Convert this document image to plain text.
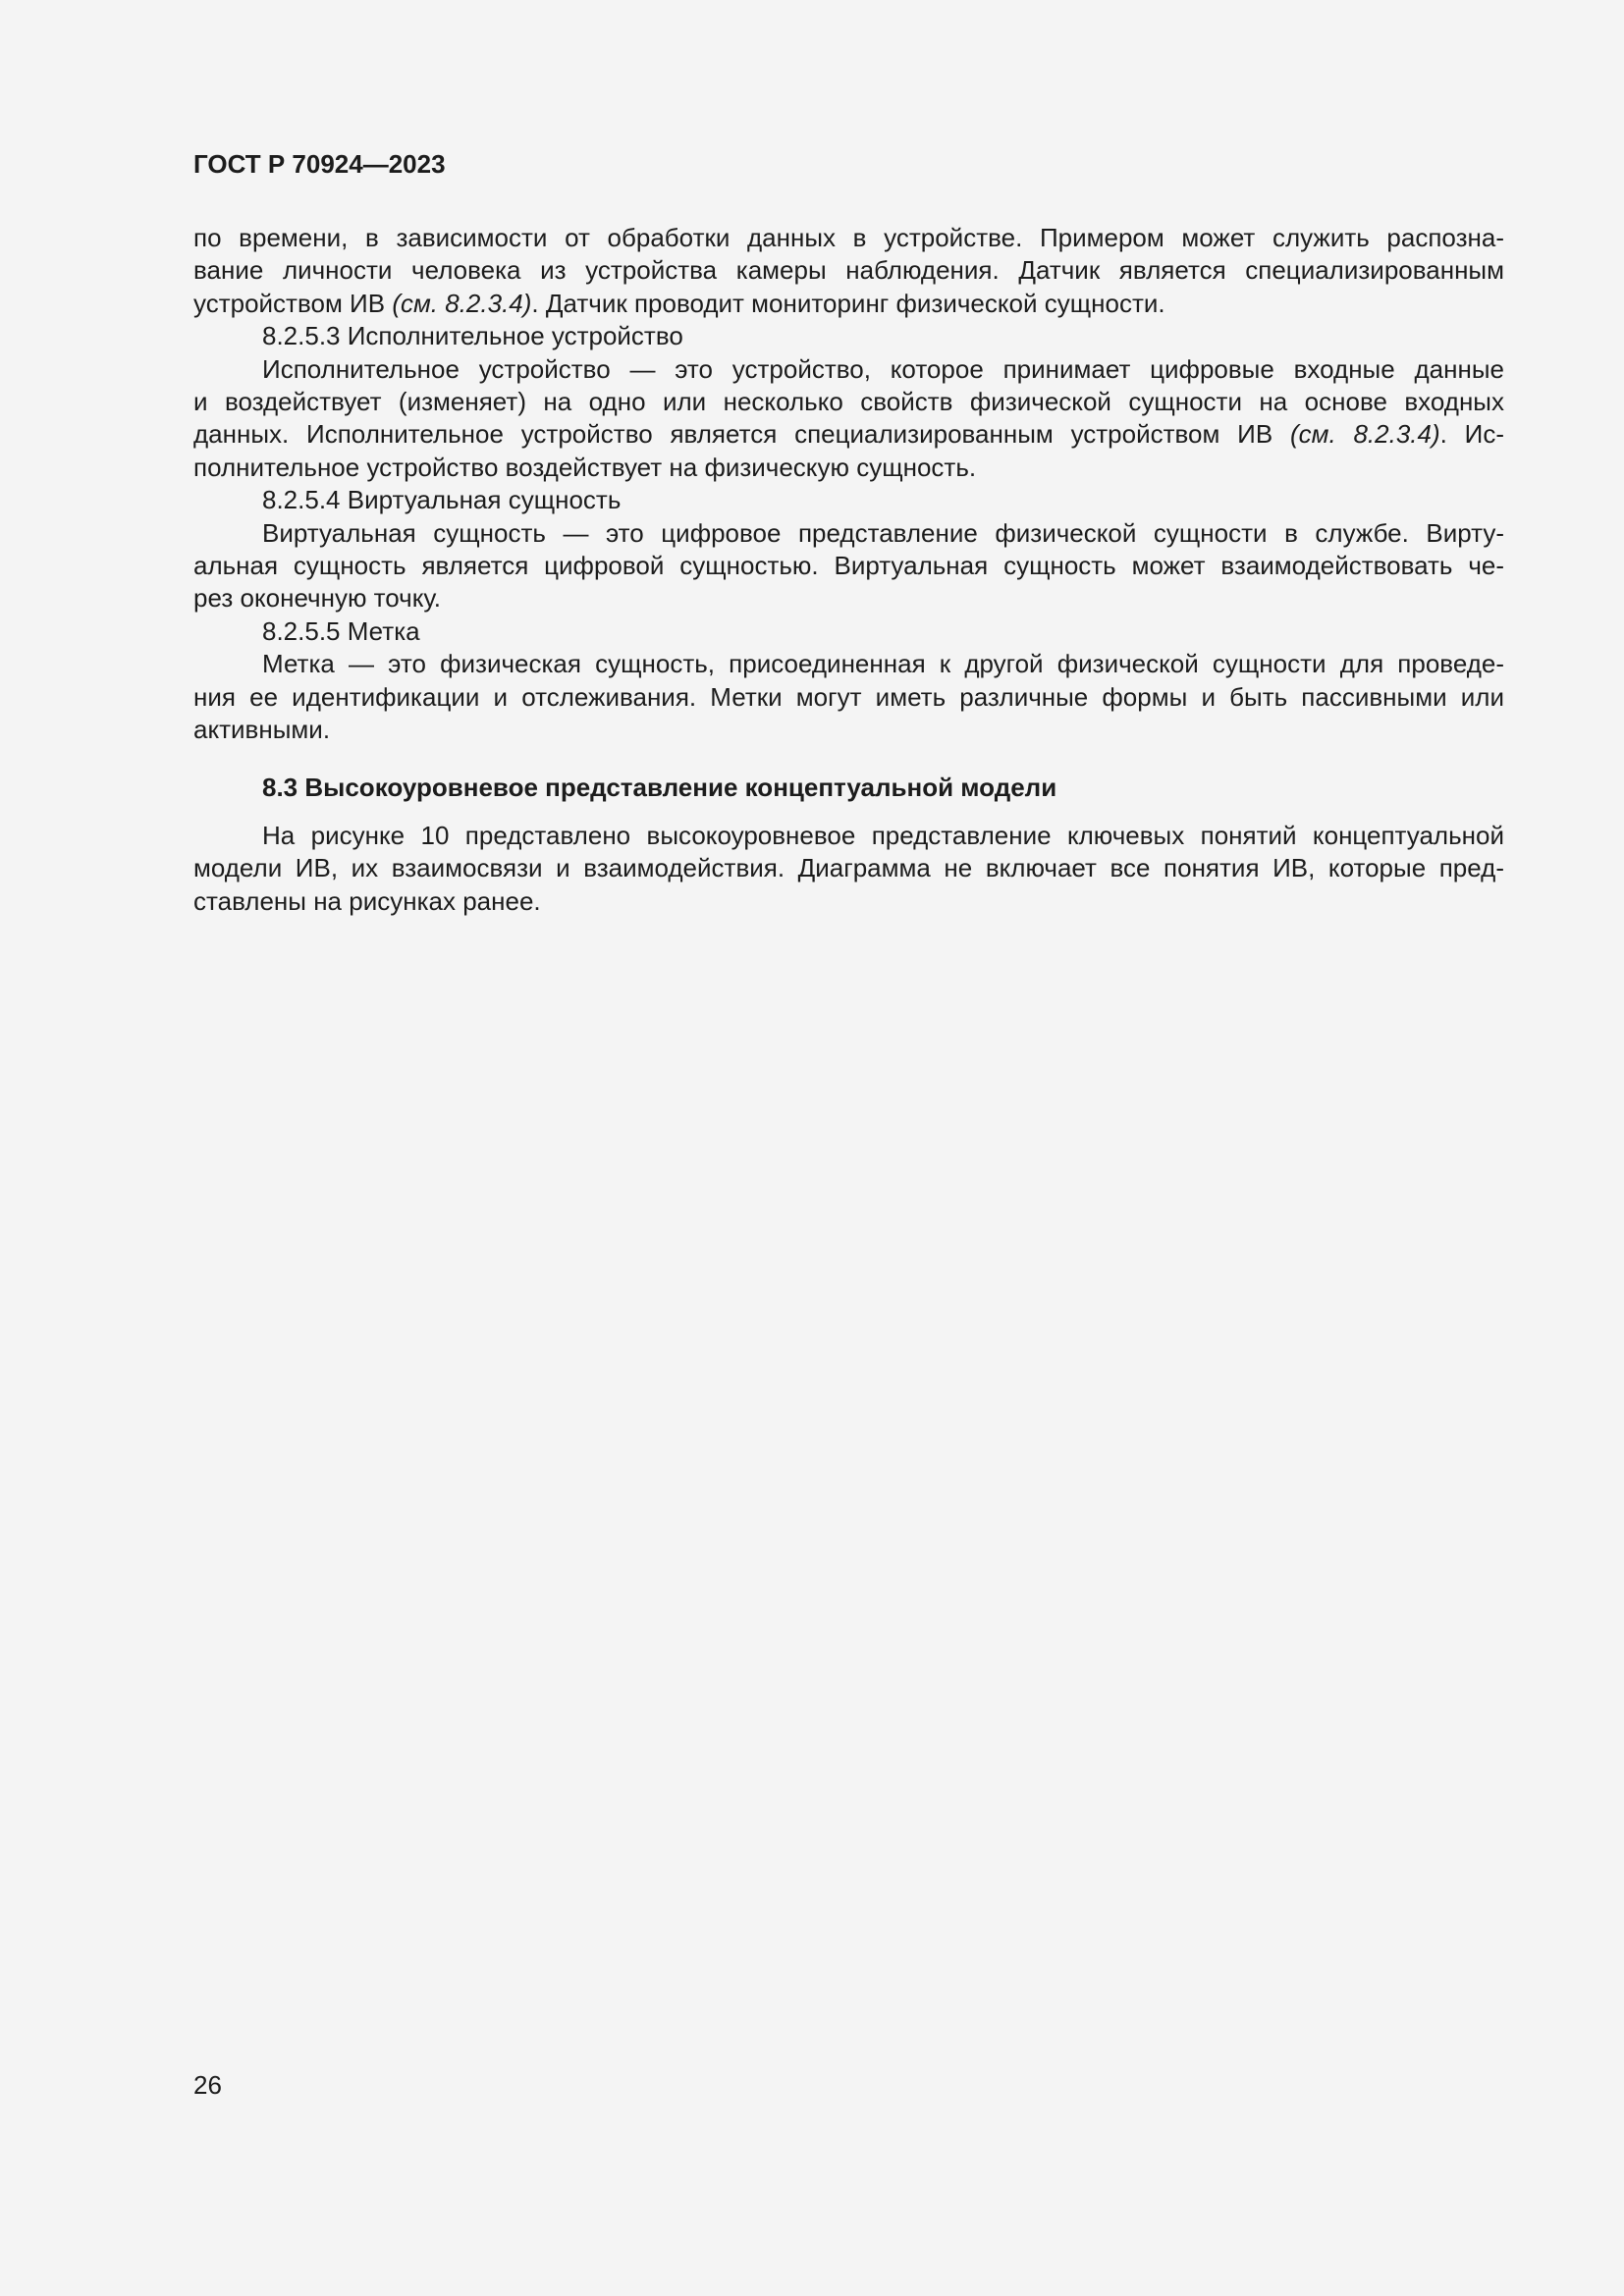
ГОСТ Р 70924—2023
по времени, в зависимости от обработки данных в устройстве. Примером может служить распозна-
вание личности человека из устройства камеры наблюдения. Датчик является специализированным
устройством ИВ (см. 8.2.3.4). Датчик проводит мониторинг физической сущности.
8.2.5.3 Исполнительное устройство
Исполнительное устройство — это устройство, которое принимает цифровые входные данные
и воздействует (изменяет) на одно или несколько свойств физической сущности на основе входных
данных. Исполнительное устройство является специализированным устройством ИВ (см. 8.2.3.4). Ис-
полнительное устройство воздействует на физическую сущность.
8.2.5.4 Виртуальная сущность
Виртуальная сущность — это цифровое представление физической сущности в службе. Вирту-
альная сущность является цифровой сущностью. Виртуальная сущность может взаимодействовать че-
рез оконечную точку.
8.2.5.5 Метка
Метка — это физическая сущность, присоединенная к другой физической сущности для проведе-
ния ее идентификации и отслеживания. Метки могут иметь различные формы и быть пассивными или
активными.
8.3 Высокоуровневое представление концептуальной модели
На рисунке 10 представлено высокоуровневое представление ключевых понятий концептуальной
модели ИВ, их взаимосвязи и взаимодействия. Диаграмма не включает все понятия ИВ, которые пред-
ставлены на рисунках ранее.
26
